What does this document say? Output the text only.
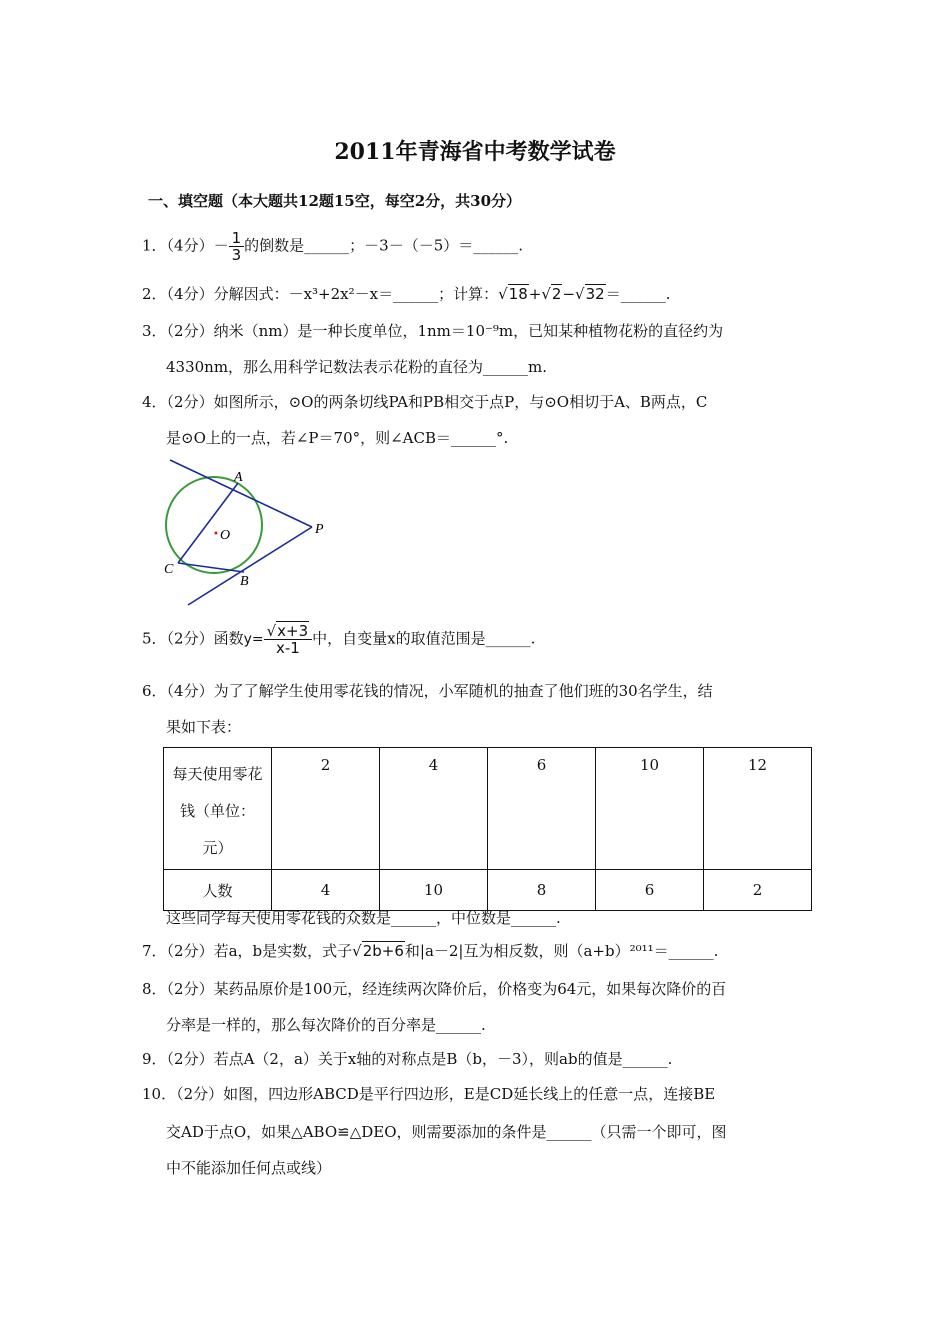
2011年青海省中考数学试卷
一、填空题（本大题共12题15空，每空2分，共30分）
1．（4分）－ $\frac{1}{3}$ 的倒数是______；－3－（－5）＝______.
2．（4分）分解因式：－x³+2x²－x＝______；计算：√18+√2−√32＝______.
3．（2分）纳米（nm）是一种长度单位，1nm＝10⁻⁹m，已知某种植物花粉的直径约为
4330nm，那么用科学记数法表示花粉的直径为______m.
4．（2分）如图所示，⊙O的两条切线PA和PB相交于点P，与⊙O相切于A、B两点，C
是⊙O上的一点，若∠P＝70°，则∠ACB＝______°.
A
O	P
C
B
5．（2分）函数$y= \frac{√x+3}{x-1}$ 中，自变量x的取值范围是______.
6．（4分）为了了解学生使用零花钱的情况，小军随机的抽查了他们班的30名学生，结
果如下表：
每天使用零花
钱（单位：
元）	2	4	6	10	12
人数	4	10	8	6	2
这些同学每天使用零花钱的众数是______，中位数是______.
7．（2分）若a，b是实数，式子√2b+6和|a－2|互为相反数，则（a+b）²⁰¹¹＝______.
8．（2分）某药品原价是100元，经连续两次降价后，价格变为64元，如果每次降价的百
分率是一样的，那么每次降价的百分率是______.
9．（2分）若点A（2，a）关于x轴的对称点是B（b，－3），则ab的值是______.
10．（2分）如图，四边形ABCD是平行四边形，E是CD延长线上的任意一点，连接BE
交AD于点O，如果△ABO≌△DEO，则需要添加的条件是______（只需一个即可，图
中不能添加任何点或线）
